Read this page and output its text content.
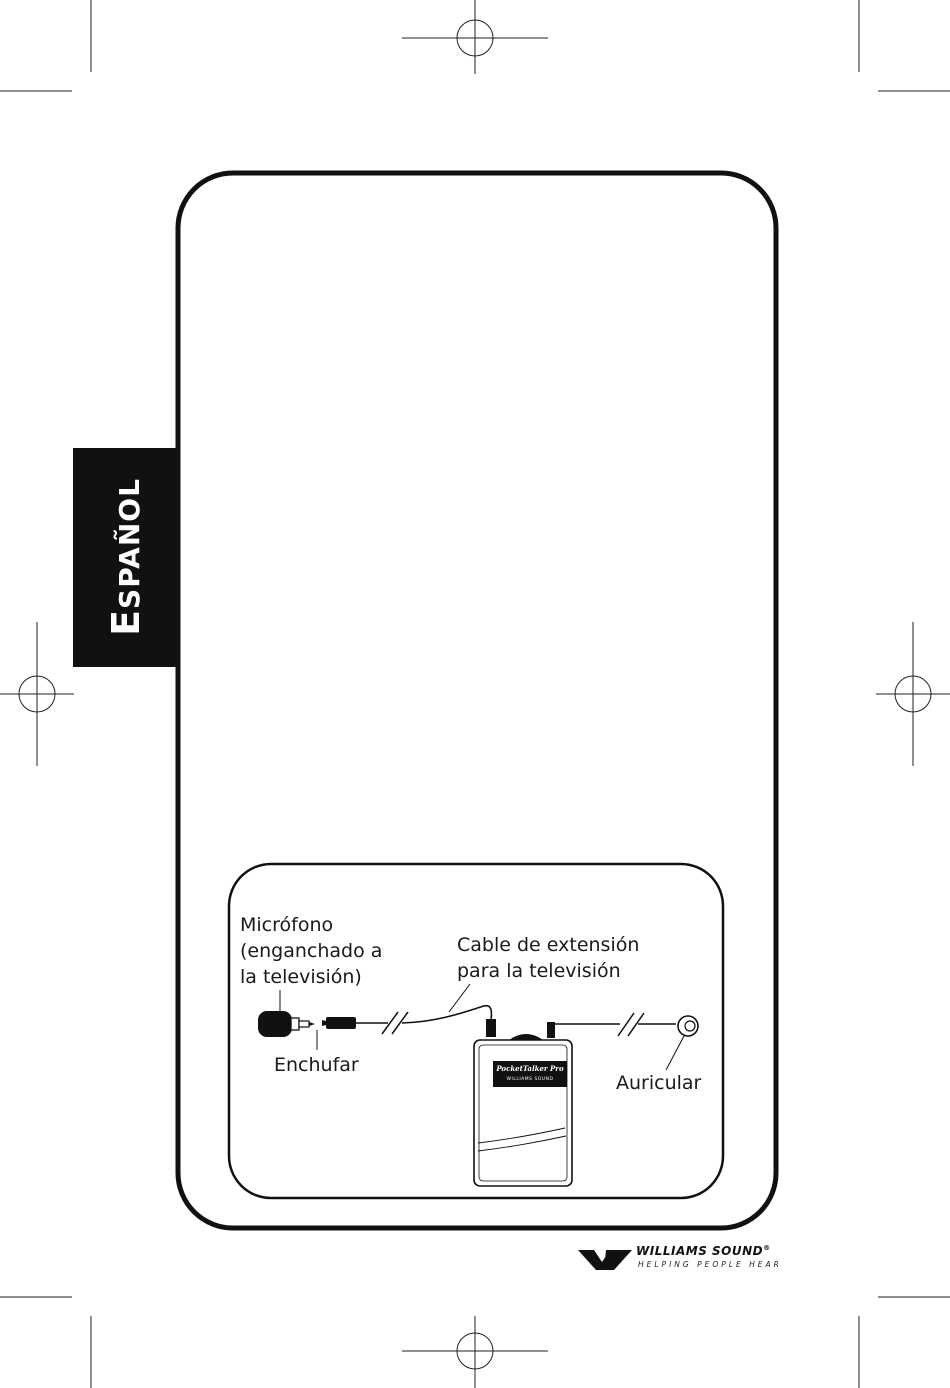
ESPAÑOL
Micrófono
(enganchado a
la televisión)
Enchufar
Cable de extensión
para la televisión
Auricular
PocketTalker Pro
WILLIAMS SOUND
WILLIAMS SOUND®
HELPING PEOPLE HEAR
